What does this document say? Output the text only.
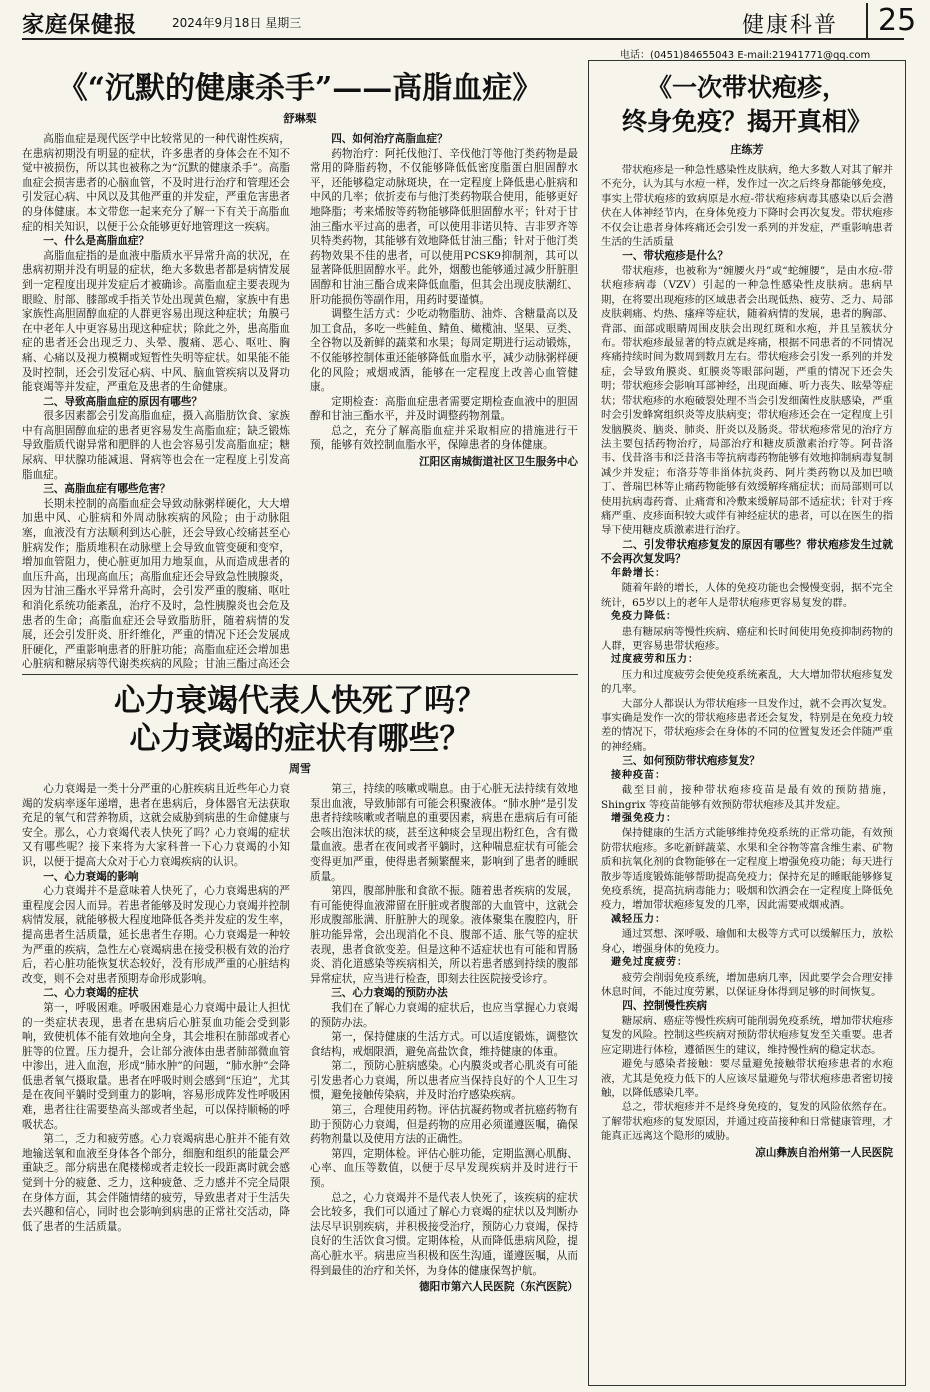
家庭保健报	2024年9月18日 星期三	健康科普	25
电话：(0451)84655043 E-mail:21941771@qq.com
《“沉默的健康杀手”——高脂血症》
舒琳梨

高脂血症是现代医学中比较常见的一种代谢性疾病，在患病初期没有明显的症状，许多患者的身体会在不知不觉中被损伤，所以其也被称之为“沉默的健康杀手”。高脂血症会损害患者的心脑血管，不及时进行治疗和管理还会引发冠心病、中风以及其他严重的并发症，严重危害患者的身体健康。本文带您一起来充分了解一下有关于高脂血症的相关知识，以便于公众能够更好地管理这一疾病。

一、什么是高脂血症？

高脂血症指的是血液中脂质水平异常升高的状况，在患病初期并没有明显的症状，绝大多数患者都是病情发展到一定程度出现并发症后才被确诊。高脂血症主要表现为眼睑、肘部、膝部或手指关节处出现黄色瘤，家族中有患家族性高胆固醇血症的人群更容易出现这种症状；角膜弓在中老年人中更容易出现这种症状；除此之外，患高脂血症的患者还会出现乏力、头晕、腹痛、恶心、呕吐、胸痛、心痛以及视力模糊或短暂性失明等症状。如果能不能及时控制，还会引发冠心病、中风、脑血管疾病以及肾功能衰竭等并发症，严重危及患者的生命健康。

二、导致高脂血症的原因有哪些？

很多因素都会引发高脂血症，摄入高脂肪饮食、家族中有高胆固醇血症的患者更容易发生高脂血症；缺乏锻炼导致脂质代谢异常和肥胖的人也会容易引发高脂血症；糖尿病、甲状腺功能减退、肾病等也会在一定程度上引发高脂血症。

三、高脂血症有哪些危害？

长期未控制的高脂血症会导致动脉粥样硬化，大大增加患中风、心脏病和外周动脉疾病的风险；由于动脉阻塞，血液没有方法顺利到达心脏，还会导致心绞痛甚至心脏病发作；脂质堆积在动脉壁上会导致血管变硬和变窄，增加血管阻力，使心脏更加用力地泵血，从而造成患者的血压升高，出现高血压；高脂血症还会导致急性胰腺炎，因为甘油三酯水平异常升高时，会引发严重的腹痛、呕吐和消化系统功能紊乱，治疗不及时，急性胰腺炎也会危及患者的生命；高脂血症还会导致脂肪肝，随着病情的发展，还会引发肝炎、肝纤维化，严重的情况下还会发展成肝硬化，严重影响患者的肝脏功能；高脂血症还会增加患心脏病和糖尿病等代谢类疾病的风险；甘油三酯过高还会

四、如何治疗高脂血症？

药物治疗：阿托伐他汀、辛伐他汀等他汀类药物是最常用的降脂药物，不仅能够降低低密度脂蛋白胆固醇水平，还能够稳定动脉斑块，在一定程度上降低患心脏病和中风的几率；依折麦布与他汀类药物联合使用，能够更好地降脂；考来烯胺等药物能够降低胆固醇水平；针对于甘油三酯水平过高的患者，可以使用非诺贝特、吉非罗齐等贝特类药物，其能够有效地降低甘油三酯；针对于他汀类药物效果不佳的患者，可以使用PCSK9抑制剂，其可以显著降低胆固醇水平。此外，烟酸也能够通过减少肝脏胆固醇和甘油三酯合成来降低血脂，但其会出现皮肤潮红、肝功能损伤等副作用，用药时要谨慎。

调整生活方式：少吃动物脂肪、油炸、含糖量高以及加工食品，多吃一些鲑鱼、鲭鱼、橄榄油、坚果、豆类、全谷物以及新鲜的蔬菜和水果；每周定期进行运动锻炼，不仅能够控制体重还能够降低血脂水平，减少动脉粥样硬化的风险；戒烟戒酒，能够在一定程度上改善心血管健康。

定期检查：高脂血症患者需要定期检查血液中的胆固醇和甘油三酯水平，并及时调整药物剂量。

总之，充分了解高脂血症并采取相应的措施进行干预，能够有效控制血脂水平，保障患者的身体健康。

江阳区南城街道社区卫生服务中心
心力衰竭代表人快死了吗？
心力衰竭的症状有哪些？
周雪

心力衰竭是一类十分严重的心脏疾病且近些年心力衰竭的发病率逐年递增，患者在患病后，身体器官无法获取充足的氧气和营养物质，这就会威胁到病患的生命健康与安全。那么，心力衰竭代表人快死了吗？心力衰竭的症状又有哪些呢？接下来将为大家科普一下心力衰竭的小知识，以便于提高大众对于心力衰竭疾病的认识。

一、心力衰竭的影响

心力衰竭并不是意味着人快死了，心力衰竭患病的严重程度会因人而异。若患者能够及时发现心力衰竭并控制病情发展，就能够极大程度地降低各类并发症的发生率，提高患者生活质量，延长患者生存期。心力衰竭是一种较为严重的疾病，急性左心衰竭病患在接受积极有效的治疗后，若心脏功能恢复状态较好，没有形成严重的心脏结构改变，则不会对患者预期寿命形成影响。

二、心力衰竭的症状

第一，呼吸困难。呼吸困难是心力衰竭中最让人担忧的一类症状表现，患者在患病后心脏泵血功能会受到影响，致使机体不能有效地向全身，其会堆积在肺部或者心脏等的位置。压力提升，会让部分液体由患者肺部微血管中渗出，进入血泡，形成“肺水肿”的问题，“肺水肿”会降低患者氧气摄取量。患者在呼吸时则会感到“压迫”，尤其是在夜间平躺时受到重力的影响，容易形成阵发性呼吸困难，患者往往需要垫高头部或者坐起，可以保持顺畅的呼吸状态。

第二，乏力和疲劳感。心力衰竭病患心脏并不能有效地输送氧和血液至身体各个部分，细胞和组织的能量会严重缺乏。部分病患在爬楼梯或者走较长一段距离时就会感觉到十分的疲惫、乏力，这种疲惫、乏力感并不完全局限在身体方面，其会伴随情绪的疲劳，导致患者对于生活失去兴趣和信心，同时也会影响到病患的正常社交活动，降低了患者的生活质量。

第三，持续的咳嗽或喘息。由于心脏无法持续有效地泵出血液，导致肺部有可能会积聚液体。“肺水肿”是引发患者持续咳嗽或者喘息的重要因素，病患在患病后有可能会咳出泡沫状的痰，甚至这种痰会呈现出粉红色，含有微量血液。患者在夜间或者平躺时，这种喘息症状有可能会变得更加严重，使得患者频繁醒来，影响到了患者的睡眠质量。

第四，腹部肿胀和食欲不振。随着患者疾病的发展，有可能使得血液滞留在肝脏或者腹部的大血管中，这就会形成腹部胀满、肝脏肿大的现象。液体聚集在腹腔内，肝脏功能异常，会出现消化不良、腹部不适、胀气等的症状表现，患者食欲变差。但是这种不适症状也有可能和胃肠炎、消化道感染等疾病相关，所以若患者感到持续的腹部异常症状，应当进行检查，即刻去往医院接受诊疗。

三、心力衰竭的预防办法

我们在了解心力衰竭的症状后，也应当掌握心力衰竭的预防办法。

第一，保持健康的生活方式。可以适度锻炼，调整饮食结构，戒烟限酒，避免高盐饮食，维持健康的体重。

第二，预防心脏病感染。心内膜炎或者心肌炎有可能引发患者心力衰竭，所以患者应当保持良好的个人卫生习惯，避免接触传染病，并及时治疗感染疾病。

第三，合理使用药物。评估抗凝药物或者抗癌药物有助于预防心力衰竭，但是药物的应用必须谨遵医嘱，确保药物剂量以及使用方法的正确性。

第四，定期体检。评估心脏功能，定期监测心肌酶、心率、血压等数值，以便于尽早发现疾病并及时进行干预。

总之，心力衰竭并不是代表人快死了，该疾病的症状会比较多，我们可以通过了解心力衰竭的症状以及判断办法尽早识别疾病，并积极接受治疗，预防心力衰竭，保持良好的生活饮食习惯。定期体检，从而降低患病风险，提高心脏水平。病患应当积极和医生沟通，谨遵医嘱，从而得到最佳的治疗和关怀，为身体的健康保驾护航。

德阳市第六人民医院（东汽医院）
《一次带状疱疹，
终身免疫？揭开真相》
庄练芳

带状疱疹是一种急性感染性皮肤病，绝大多数人对其了解并不充分，认为其与水痘一样，发作过一次之后终身都能够免疫，事实上带状疱疹的致病原是水痘-带状疱疹病毒其感染以后会潜伏在人体神经节内，在身体免疫力下降时会再次复发。带状疱疹不仅会让患者身体疼痛还会引发一系列的并发症，严重影响患者生活的生活质量

一、带状疱疹是什么？

带状疱疹，也被称为“缠腰火丹”或“蛇缠腰”，是由水痘-带状疱疹病毒（VZV）引起的一种急性感染性皮肤病。患病早期，在将要出现疱疹的区域患者会出现低热、疲劳、乏力、局部皮肤刺痛、灼热、瘙痒等症状，随着病情的发展，患者的胸部、背部、面部或眼睛周围皮肤会出现红斑和水疱，并且呈簇状分布。带状疱疹最显著的特点就是疼痛，根据不同患者的不同情况疼痛持续时间为数周到数月左右。带状疱疹会引发一系列的并发症，会导致角膜炎、虹膜炎等眼部问题，严重的情况下还会失明；带状疱疹会影响耳部神经，出现面瘫、听力丧失、眩晕等症状；带状疱疹的水疱破裂处理不当会引发细菌性皮肤感染，严重时会引发蜂窝组织炎等皮肤病变；带状疱疹还会在一定程度上引发脑膜炎、脑炎、肺炎、肝炎以及肠炎。带状疱疹常见的治疗方法主要包括药物治疗，局部治疗和糖皮质激素治疗等。阿昔洛韦、伐昔洛韦和泛昔洛韦等抗病毒药物能够有效地抑制病毒复制减少并发症；布洛芬等非甾体抗炎药、阿片类药物以及加巴喷丁、普瑞巴林等止痛药物能够有效缓解疼痛症状；而局部则可以使用抗病毒药膏、止痛膏和冷敷来缓解局部不适症状；针对于疼痛严重、皮疹面积较大或伴有神经症状的患者，可以在医生的指导下使用糖皮质激素进行治疗。

二、引发带状疱疹复发的原因有哪些？带状疱疹发生过就不会再次复发吗？

年龄增长：

随着年龄的增长，人体的免疫功能也会慢慢变弱，据不完全统计，65岁以上的老年人是带状疱疹更容易复发的群。

免疫力降低：

患有糖尿病等慢性疾病、癌症和长时间使用免疫抑制药物的人群，更容易患带状疱疹。

过度疲劳和压力：

压力和过度疲劳会使免疫系统紊乱，大大增加带状疱疹复发的几率。

大部分人都误认为带状疱疹一旦发作过，就不会再次复发。事实确是发作一次的带状疱疹患者还会复发，特别是在免疫力较差的情况下，带状疱疹会在身体的不同的位置复发还会伴随严重的神经痛。

三、如何预防带状疱疹复发？

接种疫苗：

截至目前，接种带状疱疹疫苗是最有效的预防措施，Shingrix 等疫苗能够有效预防带状疱疹及其并发症。

增强免疫力：

保持健康的生活方式能够维持免疫系统的正常功能，有效预防带状疱疹。多吃新鲜蔬菜、水果和全谷物等富含维生素、矿物质和抗氧化剂的食物能够在一定程度上增强免疫功能；每天进行散步等适度锻炼能够帮助提高免疫力；保持充足的睡眠能够修复免疫系统，提高抗病毒能力；吸烟和饮酒会在一定程度上降低免疫力，增加带状疱疹复发的几率，因此需要戒烟戒酒。

减轻压力：

通过冥想、深呼吸、瑜伽和太极等方式可以缓解压力，放松身心，增强身体的免疫力。

避免过度疲劳：

疲劳会削弱免疫系统，增加患病几率，因此要学会合理安排休息时间，不能过度劳累，以保证身体得到足够的时间恢复。

四、控制慢性疾病

糖尿病、癌症等慢性疾病可能削弱免疫系统，增加带状疱疹复发的风险。控制这些疾病对预防带状疱疹复发至关重要。患者应定期进行体检，遵循医生的建议，维持慢性病的稳定状态。

避免与感染者接触：要尽量避免接触带状疱疹患者的水疱液，尤其是免疫力低下的人应该尽量避免与带状疱疹患者密切接触，以降低感染几率。

总之，带状疱疹并不是终身免疫的，复发的风险依然存在。了解带状疱疹的复发原因，并通过疫苗接种和日常健康管理，才能真正远离这个隐形的威胁。

凉山彝族自治州第一人民医院
